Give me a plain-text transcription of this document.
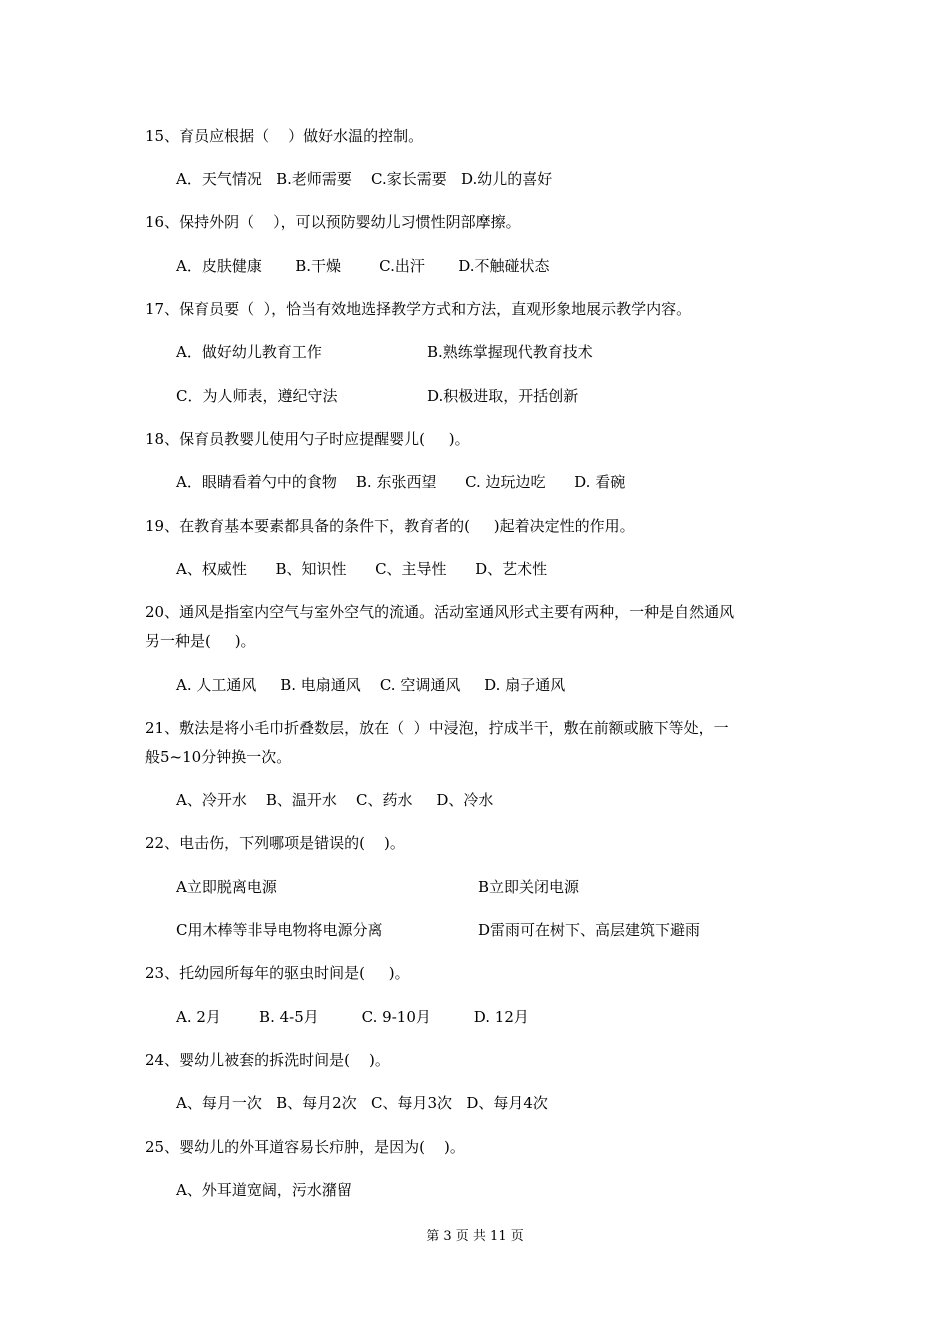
15、育员应根据（    ）做好水温的控制。
A．天气情况   B.老师需要    C.家长需要   D.幼儿的喜好
16、保持外阴（    ），可以预防婴幼儿习惯性阴部摩擦。
A．皮肤健康       B.干燥        C.出汗       D.不触碰状态
17、保育员要（  ），恰当有效地选择教学方式和方法，直观形象地展示教学内容。
A．做好幼儿教育工作	B.熟练掌握现代教育技术
C．为人师表，遵纪守法	D.积极进取，开括创新
18、保育员教婴儿使用勺子时应提醒婴儿(     )。
A．眼睛看着勺中的食物    B. 东张西望      C. 边玩边吃      D. 看碗
19、在教育基本要素都具备的条件下，教育者的(     )起着决定性的作用。
A、权威性      B、知识性      C、主导性      D、艺术性
20、通风是指室内空气与室外空气的流通。活动室通风形式主要有两种，一种是自然通风
另一种是(     )。
A. 人工通风     B. 电扇通风    C. 空调通风     D. 扇子通风
21、敷法是将小毛巾折叠数层，放在（  ）中浸泡，拧成半干，敷在前额或腋下等处，一
般5~10分钟换一次。
A、冷开水    B、温开水    C、药水     D、冷水
22、电击伤，下列哪项是错误的(    )。
A立即脱离电源	B立即关闭电源
C用木棒等非导电物将电源分离	D雷雨可在树下、高层建筑下避雨
23、托幼园所每年的驱虫时间是(     )。
A. 2月        B. 4-5月         C. 9-10月         D. 12月
24、婴幼儿被套的拆洗时间是(    )。
A、每月一次   B、每月2次   C、每月3次   D、每月4次
25、婴幼儿的外耳道容易长疖肿，是因为(    )。
A、外耳道宽阔，污水潴留
第 3 页 共 11 页
